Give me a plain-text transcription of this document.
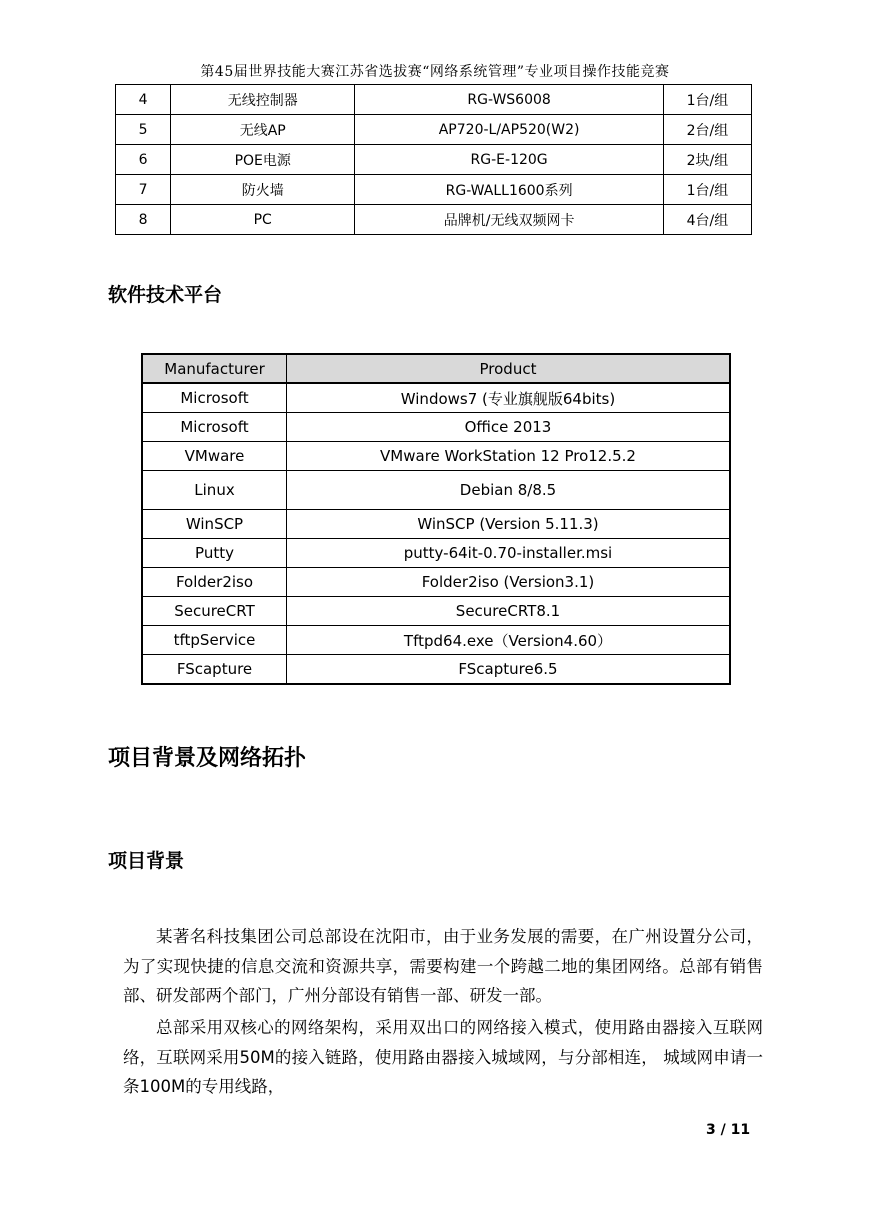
第45届世界技能大赛江苏省选拔赛“网络系统管理”专业项目操作技能竞赛
4	无线控制器	RG-WS6008	1台/组
5	无线AP	AP720-L/AP520(W2)	2台/组
6	POE电源	RG-E-120G	2块/组
7	防火墙	RG-WALL1600系列	1台/组
8	PC	品牌机/无线双频网卡	4台/组
软件技术平台
Manufacturer	Product
Microsoft	Windows7 (专业旗舰版64bits)
Microsoft	Office 2013
VMware	VMware WorkStation 12 Pro12.5.2
Linux	Debian 8/8.5
WinSCP	WinSCP (Version 5.11.3)
Putty	putty-64it-0.70-installer.msi
Folder2iso	Folder2iso (Version3.1)
SecureCRT	SecureCRT8.1
tftpService	Tftpd64.exe（Version4.60）
FScapture	FScapture6.5
项目背景及网络拓扑
项目背景

某著名科技集团公司总部设在沈阳市，由于业务发展的需要，在广州设置分公司，为了实现快捷的信息交流和资源共享，需要构建一个跨越二地的集团网络。总部有销售部、研发部两个部门，广州分部设有销售一部、研发一部。

总部采用双核心的网络架构，采用双出口的网络接入模式，使用路由器接入互联网络，互联网采用50M的接入链路，使用路由器接入城域网，与分部相连， 城域网申请一条100M的专用线路，

3 / 11
